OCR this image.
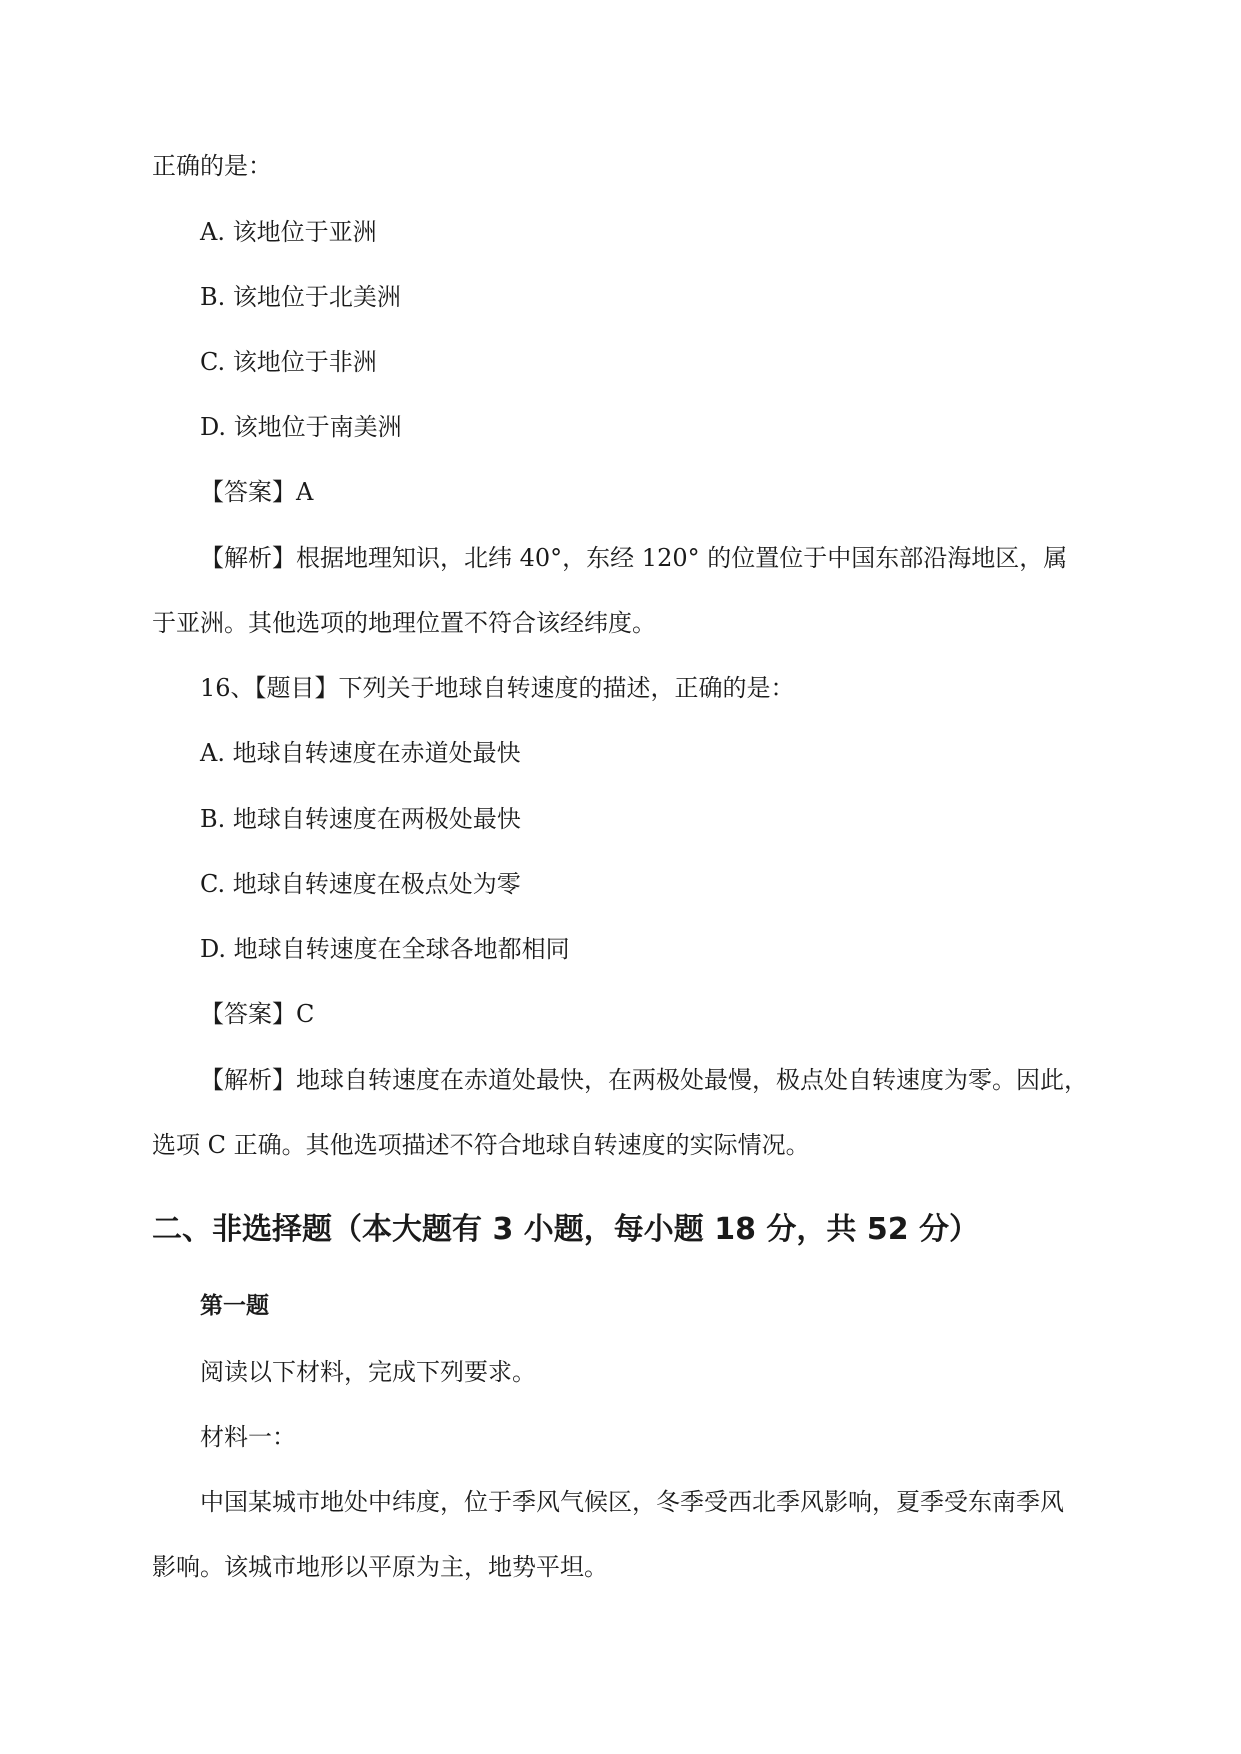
正确的是：
A. 该地位于亚洲
B. 该地位于北美洲
C. 该地位于非洲
D. 该地位于南美洲
【答案】A
【解析】根据地理知识，北纬 40°，东经 120° 的位置位于中国东部沿海地区，属
于亚洲。其他选项的地理位置不符合该经纬度。
16、【题目】下列关于地球自转速度的描述，正确的是：
A. 地球自转速度在赤道处最快
B. 地球自转速度在两极处最快
C. 地球自转速度在极点处为零
D. 地球自转速度在全球各地都相同
【答案】C
【解析】地球自转速度在赤道处最快，在两极处最慢，极点处自转速度为零。因此，
选项 C 正确。其他选项描述不符合地球自转速度的实际情况。
二、非选择题（本大题有 3 小题，每小题 18 分，共 52 分）
第一题
阅读以下材料，完成下列要求。
材料一：
中国某城市地处中纬度，位于季风气候区，冬季受西北季风影响，夏季受东南季风
影响。该城市地形以平原为主，地势平坦。
